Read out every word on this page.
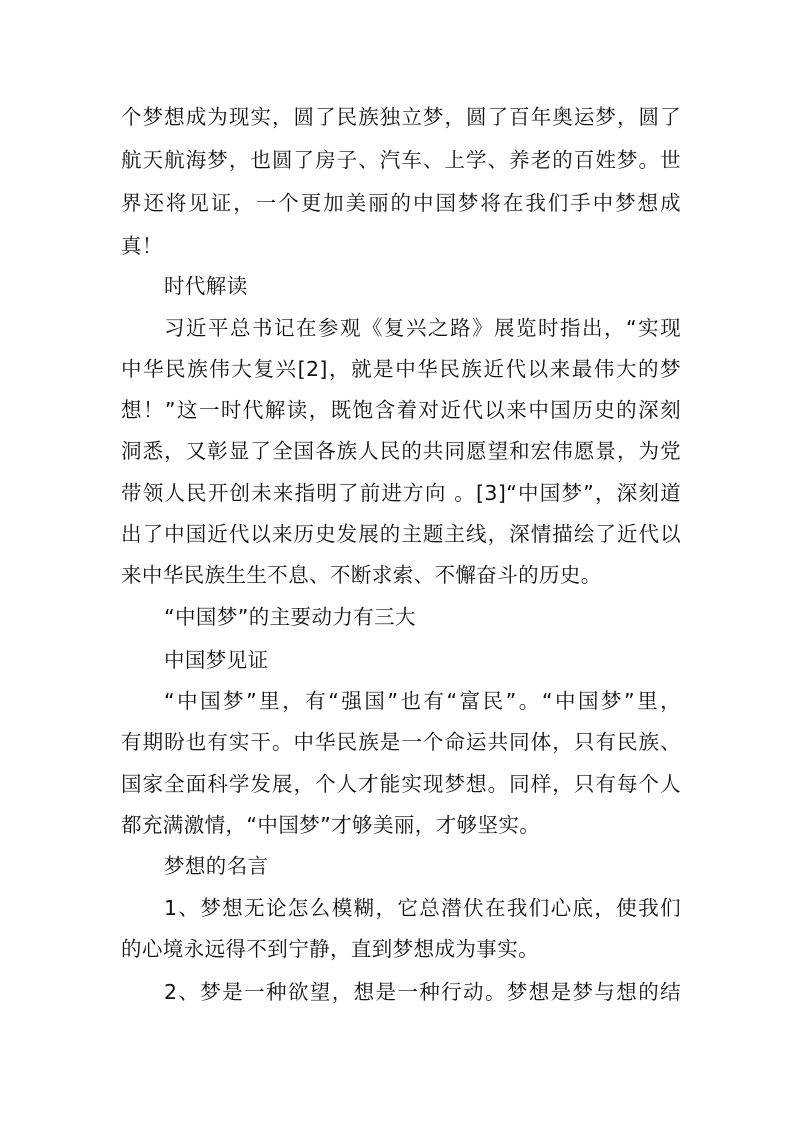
个梦想成为现实，圆了民族独立梦，圆了百年奥运梦，圆了
航天航海梦，也圆了房子、汽车、上学、养老的百姓梦。世
界还将见证，一个更加美丽的中国梦将在我们手中梦想成
真！
时代解读
习近平总书记在参观《复兴之路》展览时指出，“实现
中华民族伟大复兴[2]，就是中华民族近代以来最伟大的梦
想！”这一时代解读，既饱含着对近代以来中国历史的深刻
洞悉，又彰显了全国各族人民的共同愿望和宏伟愿景，为党
带领人民开创未来指明了前进方向 。[3]“中国梦”，深刻道
出了中国近代以来历史发展的主题主线，深情描绘了近代以
来中华民族生生不息、不断求索、不懈奋斗的历史。
“中国梦”的主要动力有三大
中国梦见证
“中国梦”里，有“强国”也有“富民”。“中国梦”里，
有期盼也有实干。中华民族是一个命运共同体，只有民族、
国家全面科学发展，个人才能实现梦想。同样，只有每个人
都充满激情，“中国梦”才够美丽，才够坚实。
梦想的名言
1、梦想无论怎么模糊，它总潜伏在我们心底，使我们
的心境永远得不到宁静，直到梦想成为事实。
2、梦是一种欲望，想是一种行动。梦想是梦与想的结
